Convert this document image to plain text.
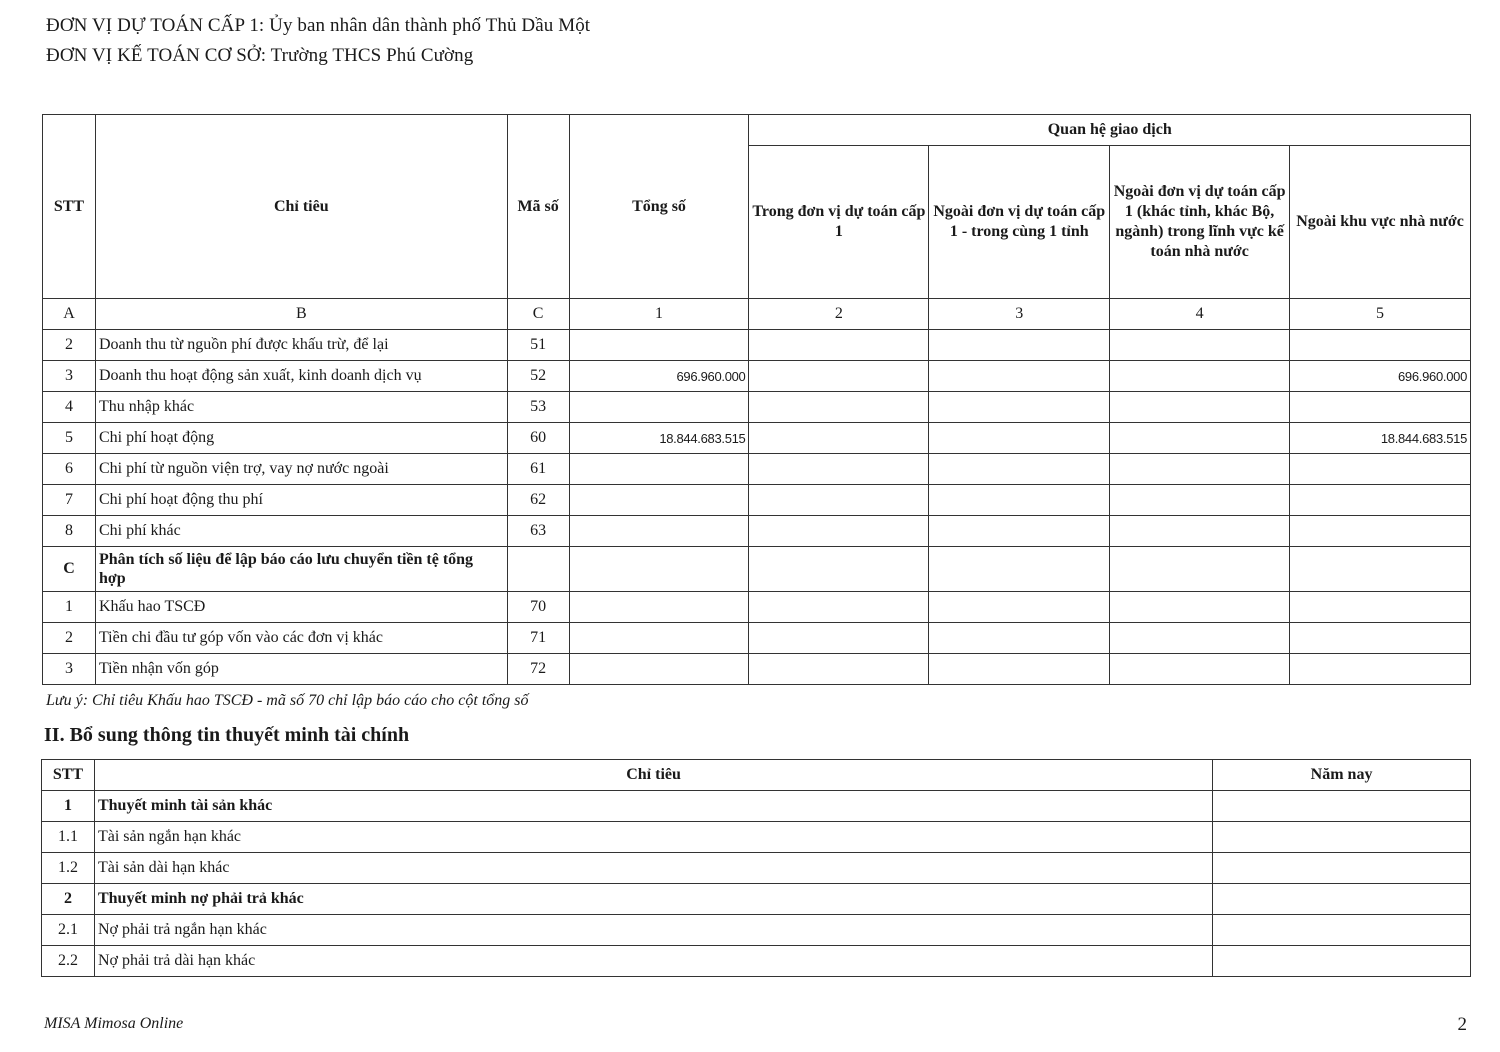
ĐƠN VỊ DỰ TOÁN CẤP 1: Ủy ban nhân dân thành phố Thủ Dầu Một
ĐƠN VỊ KẾ TOÁN CƠ SỞ: Trường THCS Phú Cường
STT	Chỉ tiêu	Mã số	Tổng số	Quan hệ giao dịch			
				Trong đơn vị dự toán cấp 1	Ngoài đơn vị dự toán cấp 1 - trong cùng 1 tỉnh	Ngoài đơn vị dự toán cấp 1 (khác tỉnh, khác Bộ, ngành) trong lĩnh vực kế toán nhà nước	Ngoài khu vực nhà nước
A	B	C	1	2	3	4	5
2	Doanh thu từ nguồn phí được khấu trừ, để lại	51					
3	Doanh thu hoạt động sản xuất, kinh doanh dịch vụ	52	696.960.000				696.960.000
4	Thu nhập khác	53					
5	Chi phí hoạt động	60	18.844.683.515				18.844.683.515
6	Chi phí từ nguồn viện trợ, vay nợ nước ngoài	61					
7	Chi phí hoạt động thu phí	62					
8	Chi phí khác	63					
C	Phân tích số liệu để lập báo cáo lưu chuyển tiền tệ tổng hợp						
1	Khấu hao TSCĐ	70					
2	Tiền chi đầu tư góp vốn vào các đơn vị khác	71					
3	Tiền nhận vốn góp	72					
Lưu ý: Chỉ tiêu Khấu hao TSCĐ - mã số 70 chỉ lập báo cáo cho cột tổng số
II. Bổ sung thông tin thuyết minh tài chính
STT	Chỉ tiêu	Năm nay
1	Thuyết minh tài sản khác	
1.1	Tài sản ngắn hạn khác	
1.2	Tài sản dài hạn khác	
2	Thuyết minh nợ phải trả khác	
2.1	Nợ phải trả ngắn hạn khác	
2.2	Nợ phải trả dài hạn khác	
MISA Mimosa Online	2
